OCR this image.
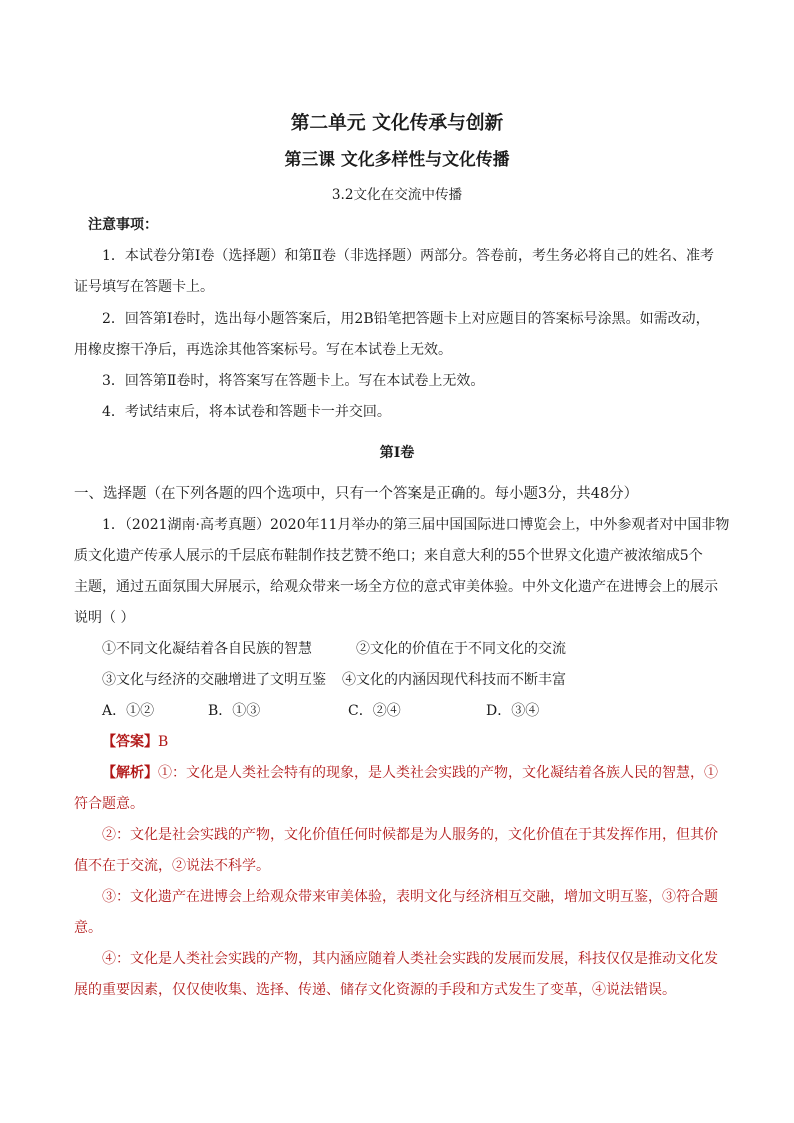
第二单元 文化传承与创新
第三课 文化多样性与文化传播
3.2文化在交流中传播
注意事项：
1．本试卷分第Ⅰ卷（选择题）和第Ⅱ卷（非选择题）两部分。答卷前，考生务必将自己的姓名、准考
证号填写在答题卡上。
2．回答第Ⅰ卷时，选出每小题答案后，用2B铅笔把答题卡上对应题目的答案标号涂黑。如需改动，
用橡皮擦干净后，再选涂其他答案标号。写在本试卷上无效。
3．回答第Ⅱ卷时，将答案写在答题卡上。写在本试卷上无效。
4．考试结束后，将本试卷和答题卡一并交回。
第Ⅰ卷
一、选择题（在下列各题的四个选项中，只有一个答案是正确的。每小题3分，共48分）
1．（2021湖南·高考真题）2020年11月举办的第三届中国国际进口博览会上，中外参观者对中国非物
质文化遗产传承人展示的千层底布鞋制作技艺赞不绝口；来自意大利的55个世界文化遗产被浓缩成5个
主题，通过五面氛围大屏展示，给观众带来一场全方位的意式审美体验。中外文化遗产在进博会上的展示
说明（ ）
①不同文化凝结着各自民族的智慧	②文化的价值在于不同文化的交流
③文化与经济的交融增进了文明互鉴 ④文化的内涵因现代科技而不断丰富
A．①②	B．①③	C．②④	D．③④
【答案】B
【解析】①：文化是人类社会特有的现象，是人类社会实践的产物，文化凝结着各族人民的智慧，①
符合题意。
②：文化是社会实践的产物，文化价值任何时候都是为人服务的，文化价值在于其发挥作用，但其价
值不在于交流，②说法不科学。
③：文化遗产在进博会上给观众带来审美体验，表明文化与经济相互交融，增加文明互鉴，③符合题
意。
④：文化是人类社会实践的产物，其内涵应随着人类社会实践的发展而发展，科技仅仅是推动文化发
展的重要因素，仅仅使收集、选择、传递、储存文化资源的手段和方式发生了变革，④说法错误。
